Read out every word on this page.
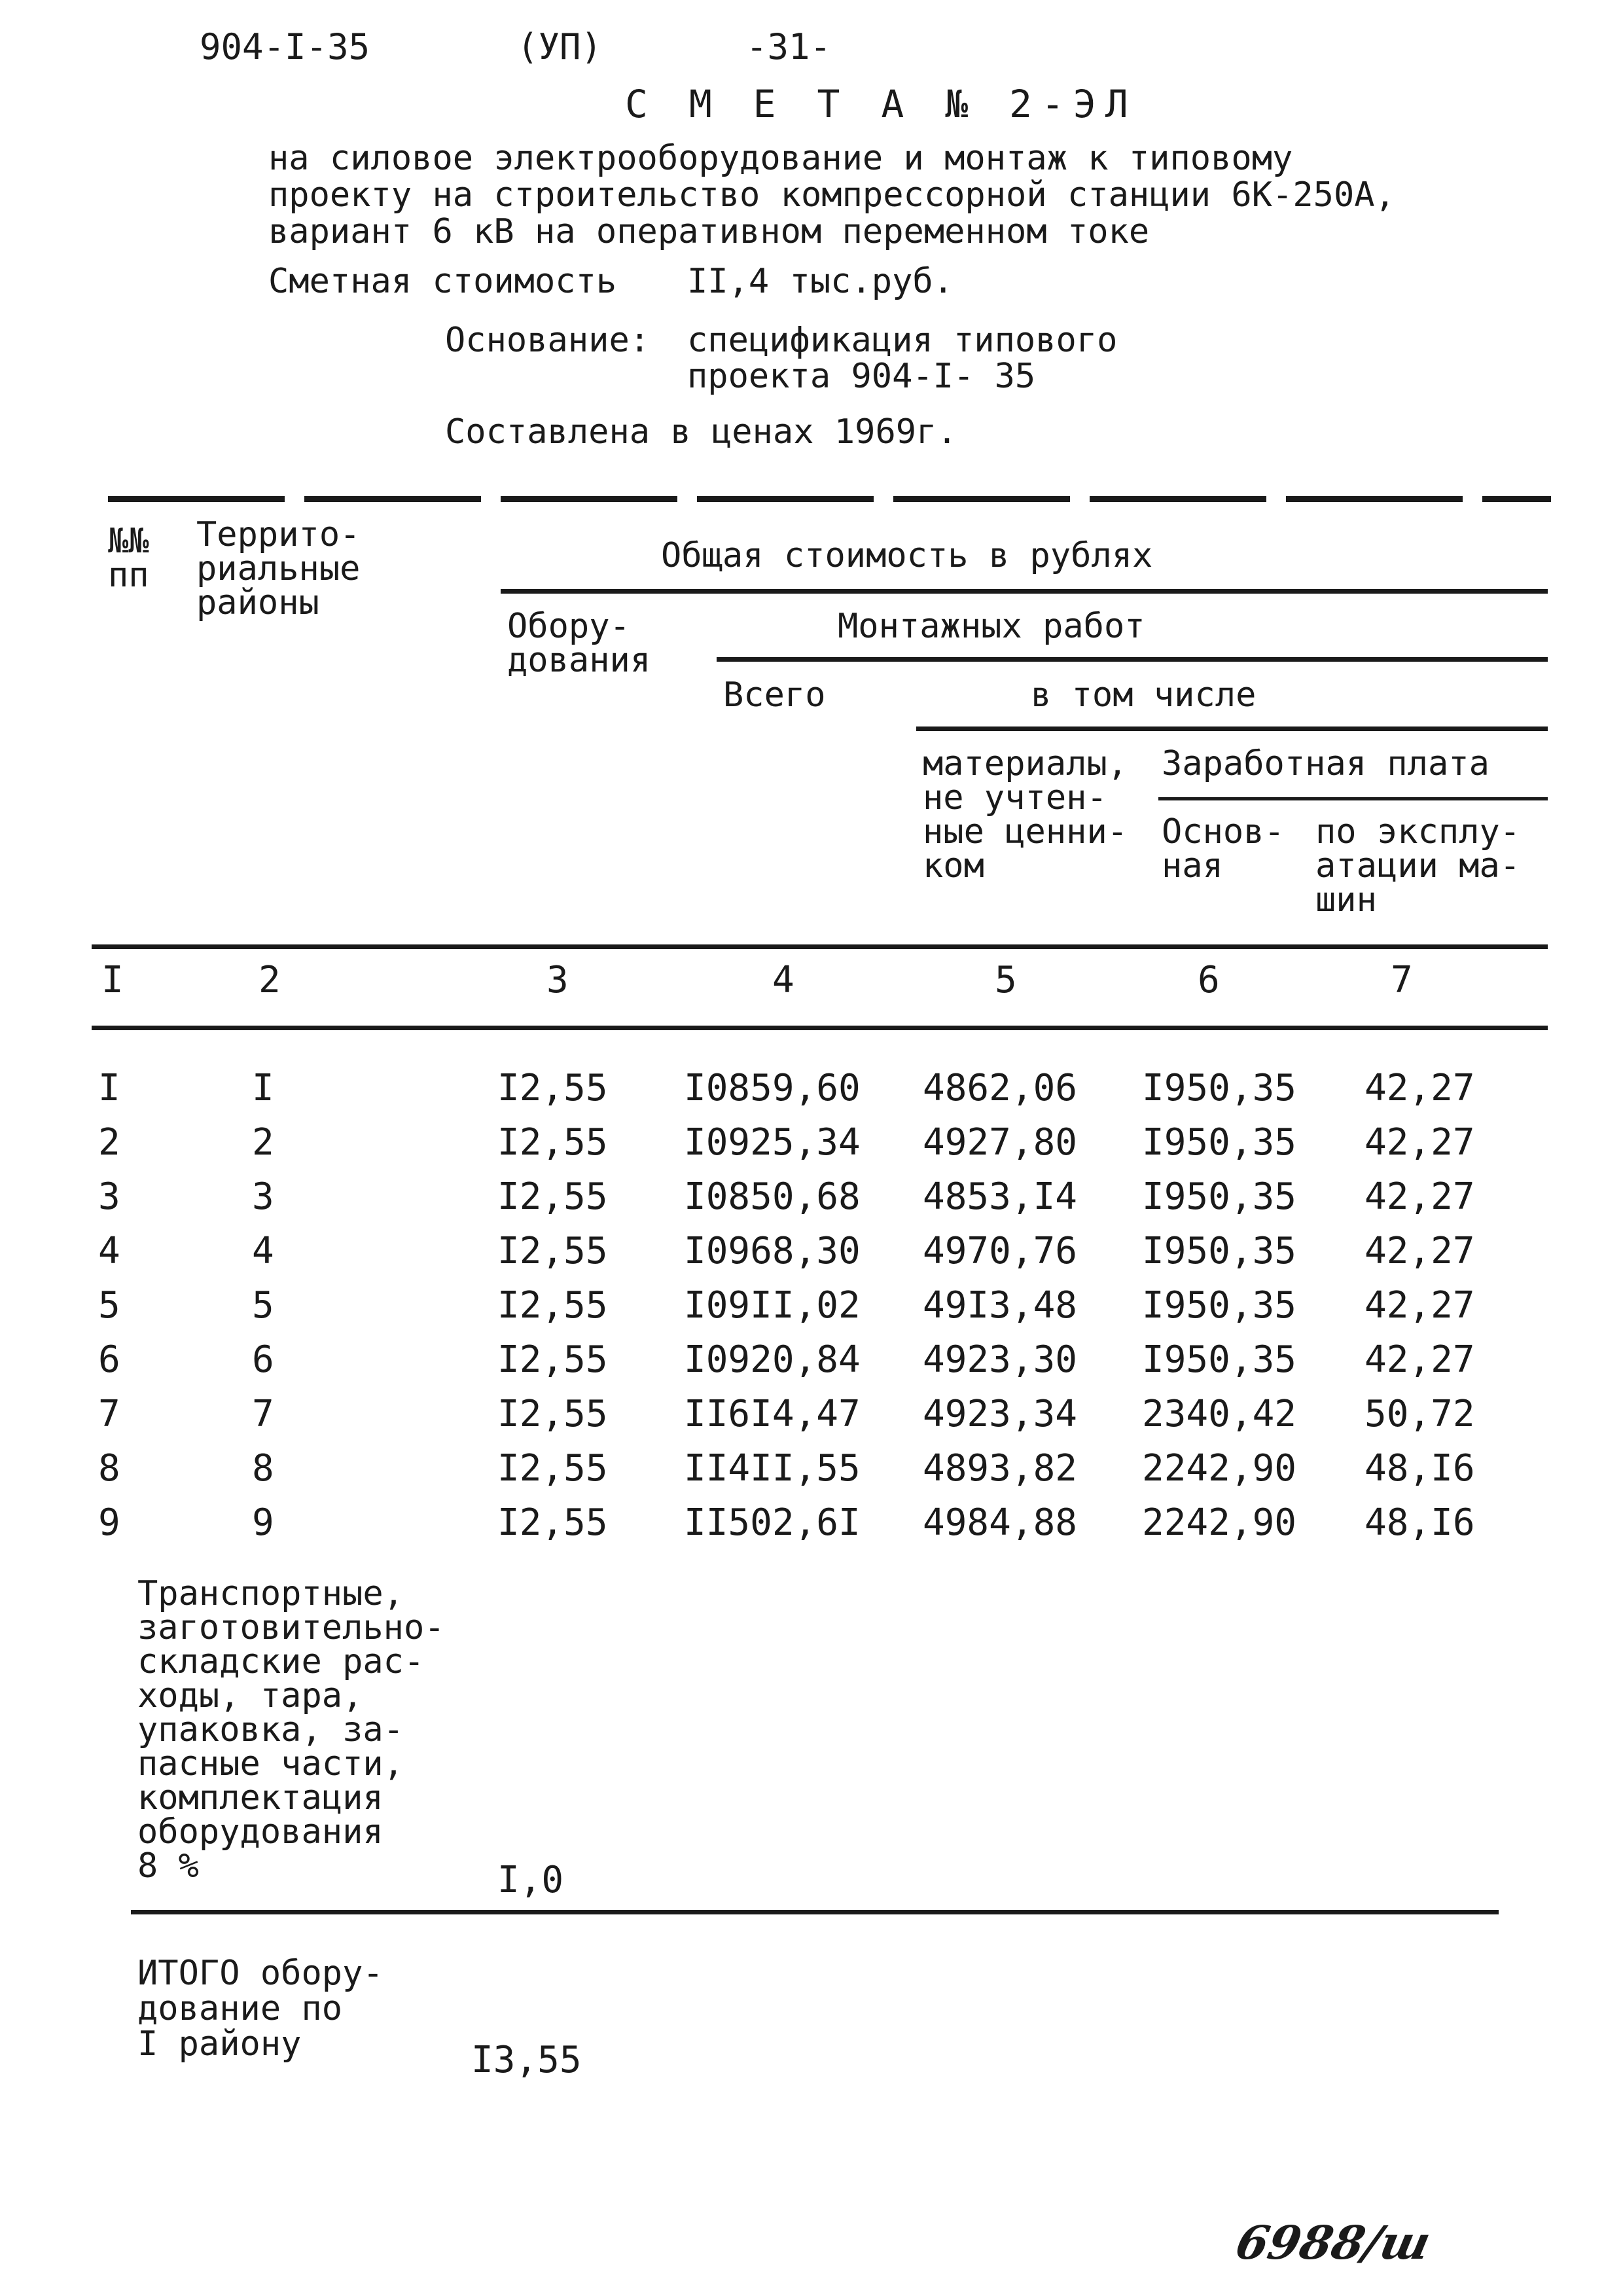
904-I-35	(УП)	-31-
С М Е Т А № 2-ЭЛ
на силовое электрооборудование и монтаж к типовому
проекту на строительство компрессорной станции 6К-250А,
вариант 6 кВ на оперативном переменном токе
Сметная стоимость II,4 тыс.руб.
Основание: спецификация типового
проекта 904-I- 35
Составлена в ценах 1969г.
№№
пп
Террито-
риальные
районы
Общая стоимость в рублях
Обору-
дования
Монтажных работ
Всего	в том числе
материалы,
не учтен-
ные ценни-
ком
Заработная плата
Основ-
ная
по эксплу-
атации ма-
шин
I	2	3	4	5	6	7
I	I	I2,55 I0859,60 4862,06 I950,35 42,27
2	2	I2,55 I0925,34 4927,80 I950,35 42,27
3	3	I2,55 I0850,68 4853,I4 I950,35 42,27
4	4	I2,55 I0968,30 4970,76 I950,35 42,27
5	5	I2,55 I09II,02 49I3,48 I950,35 42,27
6	6	I2,55 I0920,84 4923,30 I950,35 42,27
7	7	I2,55 II6I4,47 4923,34 2340,42 50,72
8	8	I2,55 II4II,55 4893,82 2242,90 48,I6
9	9	I2,55 II502,6I 4984,88 2242,90 48,I6
Транспортные,
заготовительно-
складские рас-
ходы, тара,
упаковка, за-
пасные части,
комплектация
оборудования
8 %	I,0
ИТОГО обору-
дование по
I району	I3,55
6988/ш
